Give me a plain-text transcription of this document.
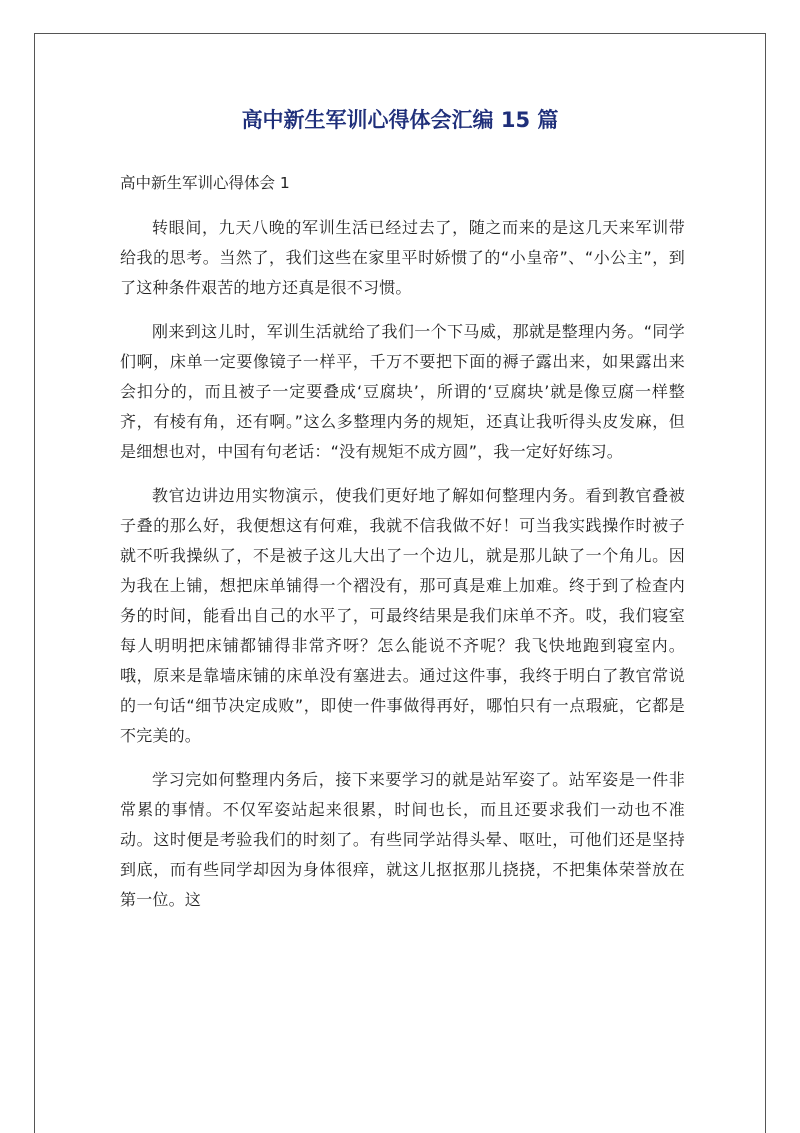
高中新生军训心得体会汇编 15 篇
高中新生军训心得体会 1

转眼间，九天八晚的军训生活已经过去了，随之而来的是这几天来军训带给我的思考。当然了，我们这些在家里平时娇惯了的“小皇帝”、“小公主”，到了这种条件艰苦的地方还真是很不习惯。

刚来到这儿时，军训生活就给了我们一个下马威，那就是整理内务。“同学们啊，床单一定要像镜子一样平，千万不要把下面的褥子露出来，如果露出来会扣分的，而且被子一定要叠成‘豆腐块’，所谓的‘豆腐块’就是像豆腐一样整齐，有棱有角，还有啊。”这么多整理内务的规矩，还真让我听得头皮发麻，但是细想也对，中国有句老话：“没有规矩不成方圆”，我一定好好练习。

教官边讲边用实物演示，使我们更好地了解如何整理内务。看到教官叠被子叠的那么好，我便想这有何难，我就不信我做不好！可当我实践操作时被子就不听我操纵了，不是被子这儿大出了一个边儿，就是那儿缺了一个角儿。因为我在上铺，想把床单铺得一个褶没有，那可真是难上加难。终于到了检查内务的时间，能看出自己的水平了，可最终结果是我们床单不齐。哎，我们寝室每人明明把床铺都铺得非常齐呀？怎么能说不齐呢？我飞快地跑到寝室内。哦，原来是靠墙床铺的床单没有塞进去。通过这件事，我终于明白了教官常说的一句话“细节决定成败”，即使一件事做得再好，哪怕只有一点瑕疵，它都是不完美的。

学习完如何整理内务后，接下来要学习的就是站军姿了。站军姿是一件非常累的事情。不仅军姿站起来很累，时间也长，而且还要求我们一动也不准动。这时便是考验我们的时刻了。有些同学站得头晕、呕吐，可他们还是坚持到底，而有些同学却因为身体很痒，就这儿抠抠那儿挠挠，不把集体荣誉放在第一位。这
